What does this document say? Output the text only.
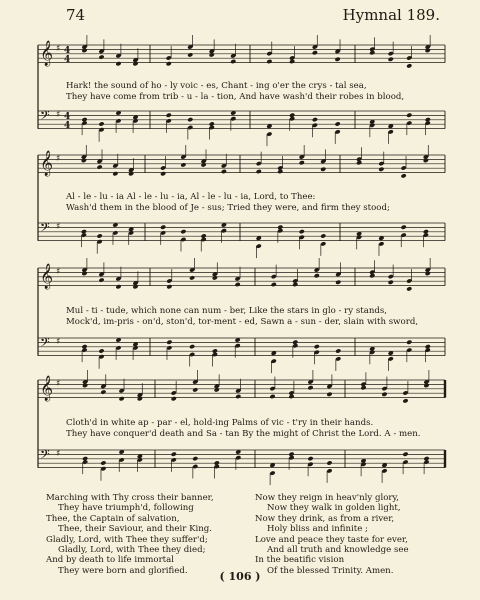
74	Hymnal 189.
𝄞 ♯ 4
4
𝄢 ♯ 4
4
𝄞 ♯
𝄢 ♯
𝄞 ♯
𝄢 ♯
𝄞 ♯
𝄢 ♯
Hark! the sound of ho - ly voic - es, Chant - ing o'er the crys - tal sea,
They have come from trib - u - la - tion, And have wash'd their robes in blood,
Al - le - lu - ia Al - le - lu - ia, Al - le - lu - ia, Lord, to Thee:
Wash'd them in the blood of Je - sus; Tried they were, and firm they stood;
Mul - ti - tude, which none can num - ber, Like the stars in glo - ry stands,
Mock'd, im-pris - on'd, ston'd, tor-ment - ed, Sawn a - sun - der, slain with sword,
Cloth'd in white ap - par - el, hold-ing Palms of vic - t'ry in their hands.
They have conquer'd death and Sa - tan By the might of Christ the Lord. A - men.
Marching with Thy cross their banner,
They have triumph'd, following
Thee, the Captain of salvation,
Thee, their Saviour, and their King.
Gladly, Lord, with Thee they suffer'd;
Gladly, Lord, with Thee they died;
And by death to life immortal
They were born and glorified.
Now they reign in heav'nly glory,
Now they walk in golden light,
Now they drink, as from a river,
Holy bliss and infinite ;
Love and peace they taste for ever,
And all truth and knowledge see
In the beatific vision
Of the blessed Trinity. Amen.
( 106 )
